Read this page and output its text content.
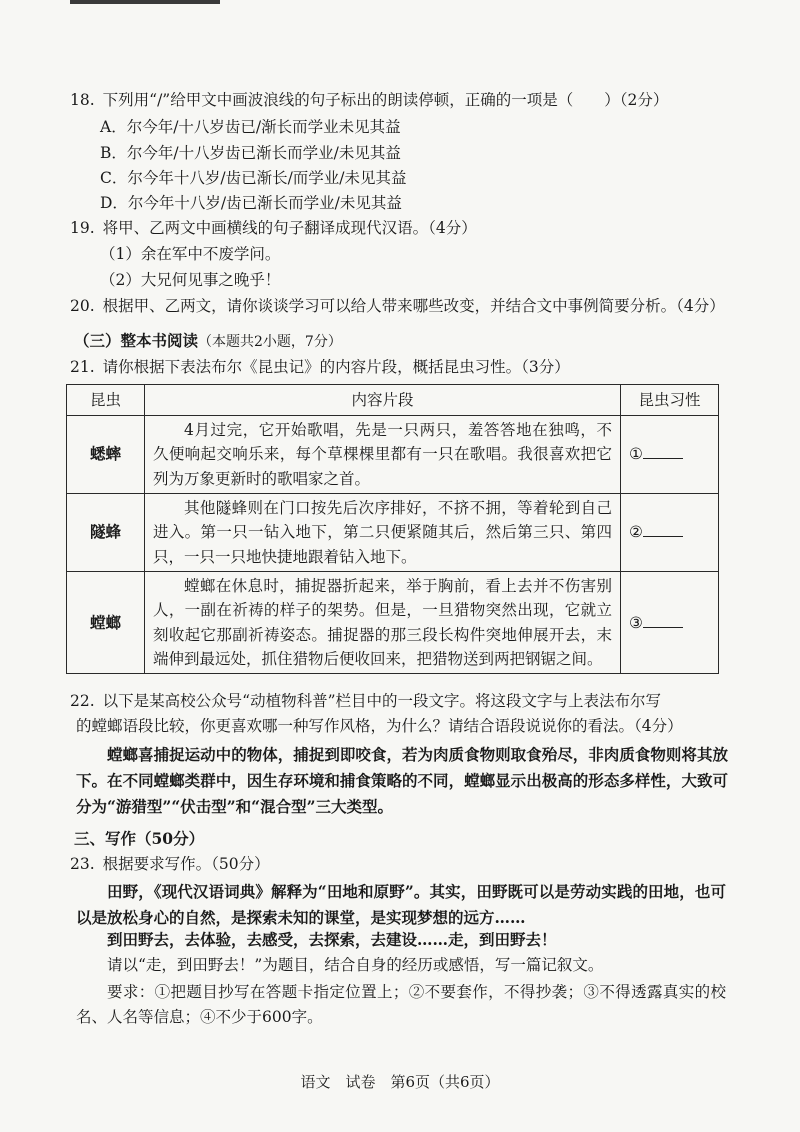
18. 下列用“/”给甲文中画波浪线的句子标出的朗读停顿，正确的一项是（　　）（2分）

A．尔今年/十八岁齿已/渐长而学业未见其益

B．尔今年/十八岁齿已渐长而学业/未见其益

C．尔今年十八岁/齿已渐长/而学业/未见其益

D．尔今年十八岁/齿已渐长而学业/未见其益

19. 将甲、乙两文中画横线的句子翻译成现代汉语。（4分）

（1）余在军中不废学问。

（2）大兄何见事之晚乎！

20. 根据甲、乙两文，请你谈谈学习可以给人带来哪些改变，并结合文中事例简要分析。（4分）

（三）整本书阅读（本题共2小题，7分）

21. 请你根据下表法布尔《昆虫记》的内容片段，概括昆虫习性。（3分）

昆虫	内容片段	昆虫习性
蟋蟀	4月过完，它开始歌唱，先是一只两只，羞答答地在独鸣，不久便响起交响乐来，每个草棵棵里都有一只在歌唱。我很喜欢把它列为万象更新时的歌唱家之首。	①
隧蜂	其他隧蜂则在门口按先后次序排好，不挤不拥，等着轮到自己进入。第一只一钻入地下，第二只便紧随其后，然后第三只、第四只，一只一只地快捷地跟着钻入地下。	②
螳螂	螳螂在休息时，捕捉器折起来，举于胸前，看上去并不伤害别人，一副在祈祷的样子的架势。但是，一旦猎物突然出现，它就立刻收起它那副祈祷姿态。捕捉器的那三段长构件突地伸展开去，末端伸到最远处，抓住猎物后便收回来，把猎物送到两把钢锯之间。	③

22. 以下是某高校公众号“动植物科普”栏目中的一段文字。将这段文字与上表法布尔写

的螳螂语段比较，你更喜欢哪一种写作风格，为什么？请结合语段说说你的看法。（4分）

螳螂喜捕捉运动中的物体，捕捉到即咬食，若为肉质食物则取食殆尽，非肉质食物则将其放下。在不同螳螂类群中，因生存环境和捕食策略的不同，螳螂显示出极高的形态多样性，大致可分为“游猎型”“伏击型”和“混合型”三大类型。

三、写作（50分）

23. 根据要求写作。（50分）

田野，《现代汉语词典》解释为“田地和原野”。其实，田野既可以是劳动实践的田地，也可以是放松身心的自然，是探索未知的课堂，是实现梦想的远方……

到田野去，去体验，去感受，去探索，去建设……走，到田野去！

请以“走，到田野去！”为题目，结合自身的经历或感悟，写一篇记叙文。

要求：①把题目抄写在答题卡指定位置上；②不要套作，不得抄袭；③不得透露真实的校名、人名等信息；④不少于600字。

语文　试卷　第6页（共6页）
